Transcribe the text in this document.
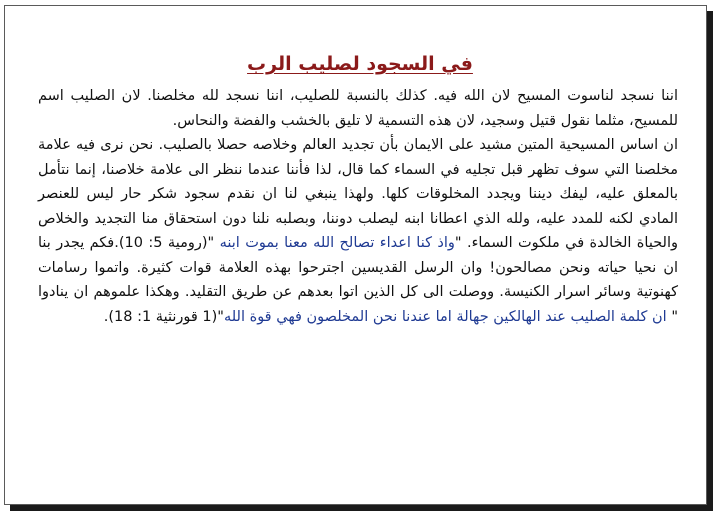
في السجود لصليب الرب

اننا نسجد لناسوت المسيح لان الله فيه. كذلك بالنسبة للصليب، اننا نسجد لله مخلصنا. لان الصليب اسم للمسيح، مثلما نقول قتيل وسجيد، لان هذه التسمية لا تليق بالخشب والفضة والنحاس.

ان اساس المسيحية المتين مشيد على الايمان بأن تجديد العالم وخلاصه حصلا بالصليب. نحن نرى فيه علامة مخلصنا التي سوف تظهر قبل تجليه في السماء كما قال، لذا فأننا عندما ننظر الى علامة خلاصنا، إنما نتأمل بالمعلق عليه، ليفك ديننا ويجدد المخلوقات كلها. ولهذا ينبغي لنا ان نقدم سجود شكر حار ليس للعنصر المادي لكنه للمدد عليه، ولله الذي اعطانا ابنه ليصلب دوننا، وبصلبه نلنا دون استحقاق منا التجديد والخلاص والحياة الخالدة في ملكوت السماء. "واذ كنا اعداء تصالح الله معنا بموت ابنه "(رومية 5: 10).فكم يجدر بنا ان نحيا حياته ونحن مصالحون! وان الرسل القديسين اجترحوا بهذه العلامة قوات كثيرة. واتموا رسامات كهنوتية وسائر اسرار الكنيسة. ووصلت الى كل الذين اتوا بعدهم عن طريق التقليد. وهكذا علموهم ان ينادوا " ان كلمة الصليب عند الهالكين جهالة اما عندنا نحن المخلصون فهي قوة الله"(1 قورنثية 1: 18).
